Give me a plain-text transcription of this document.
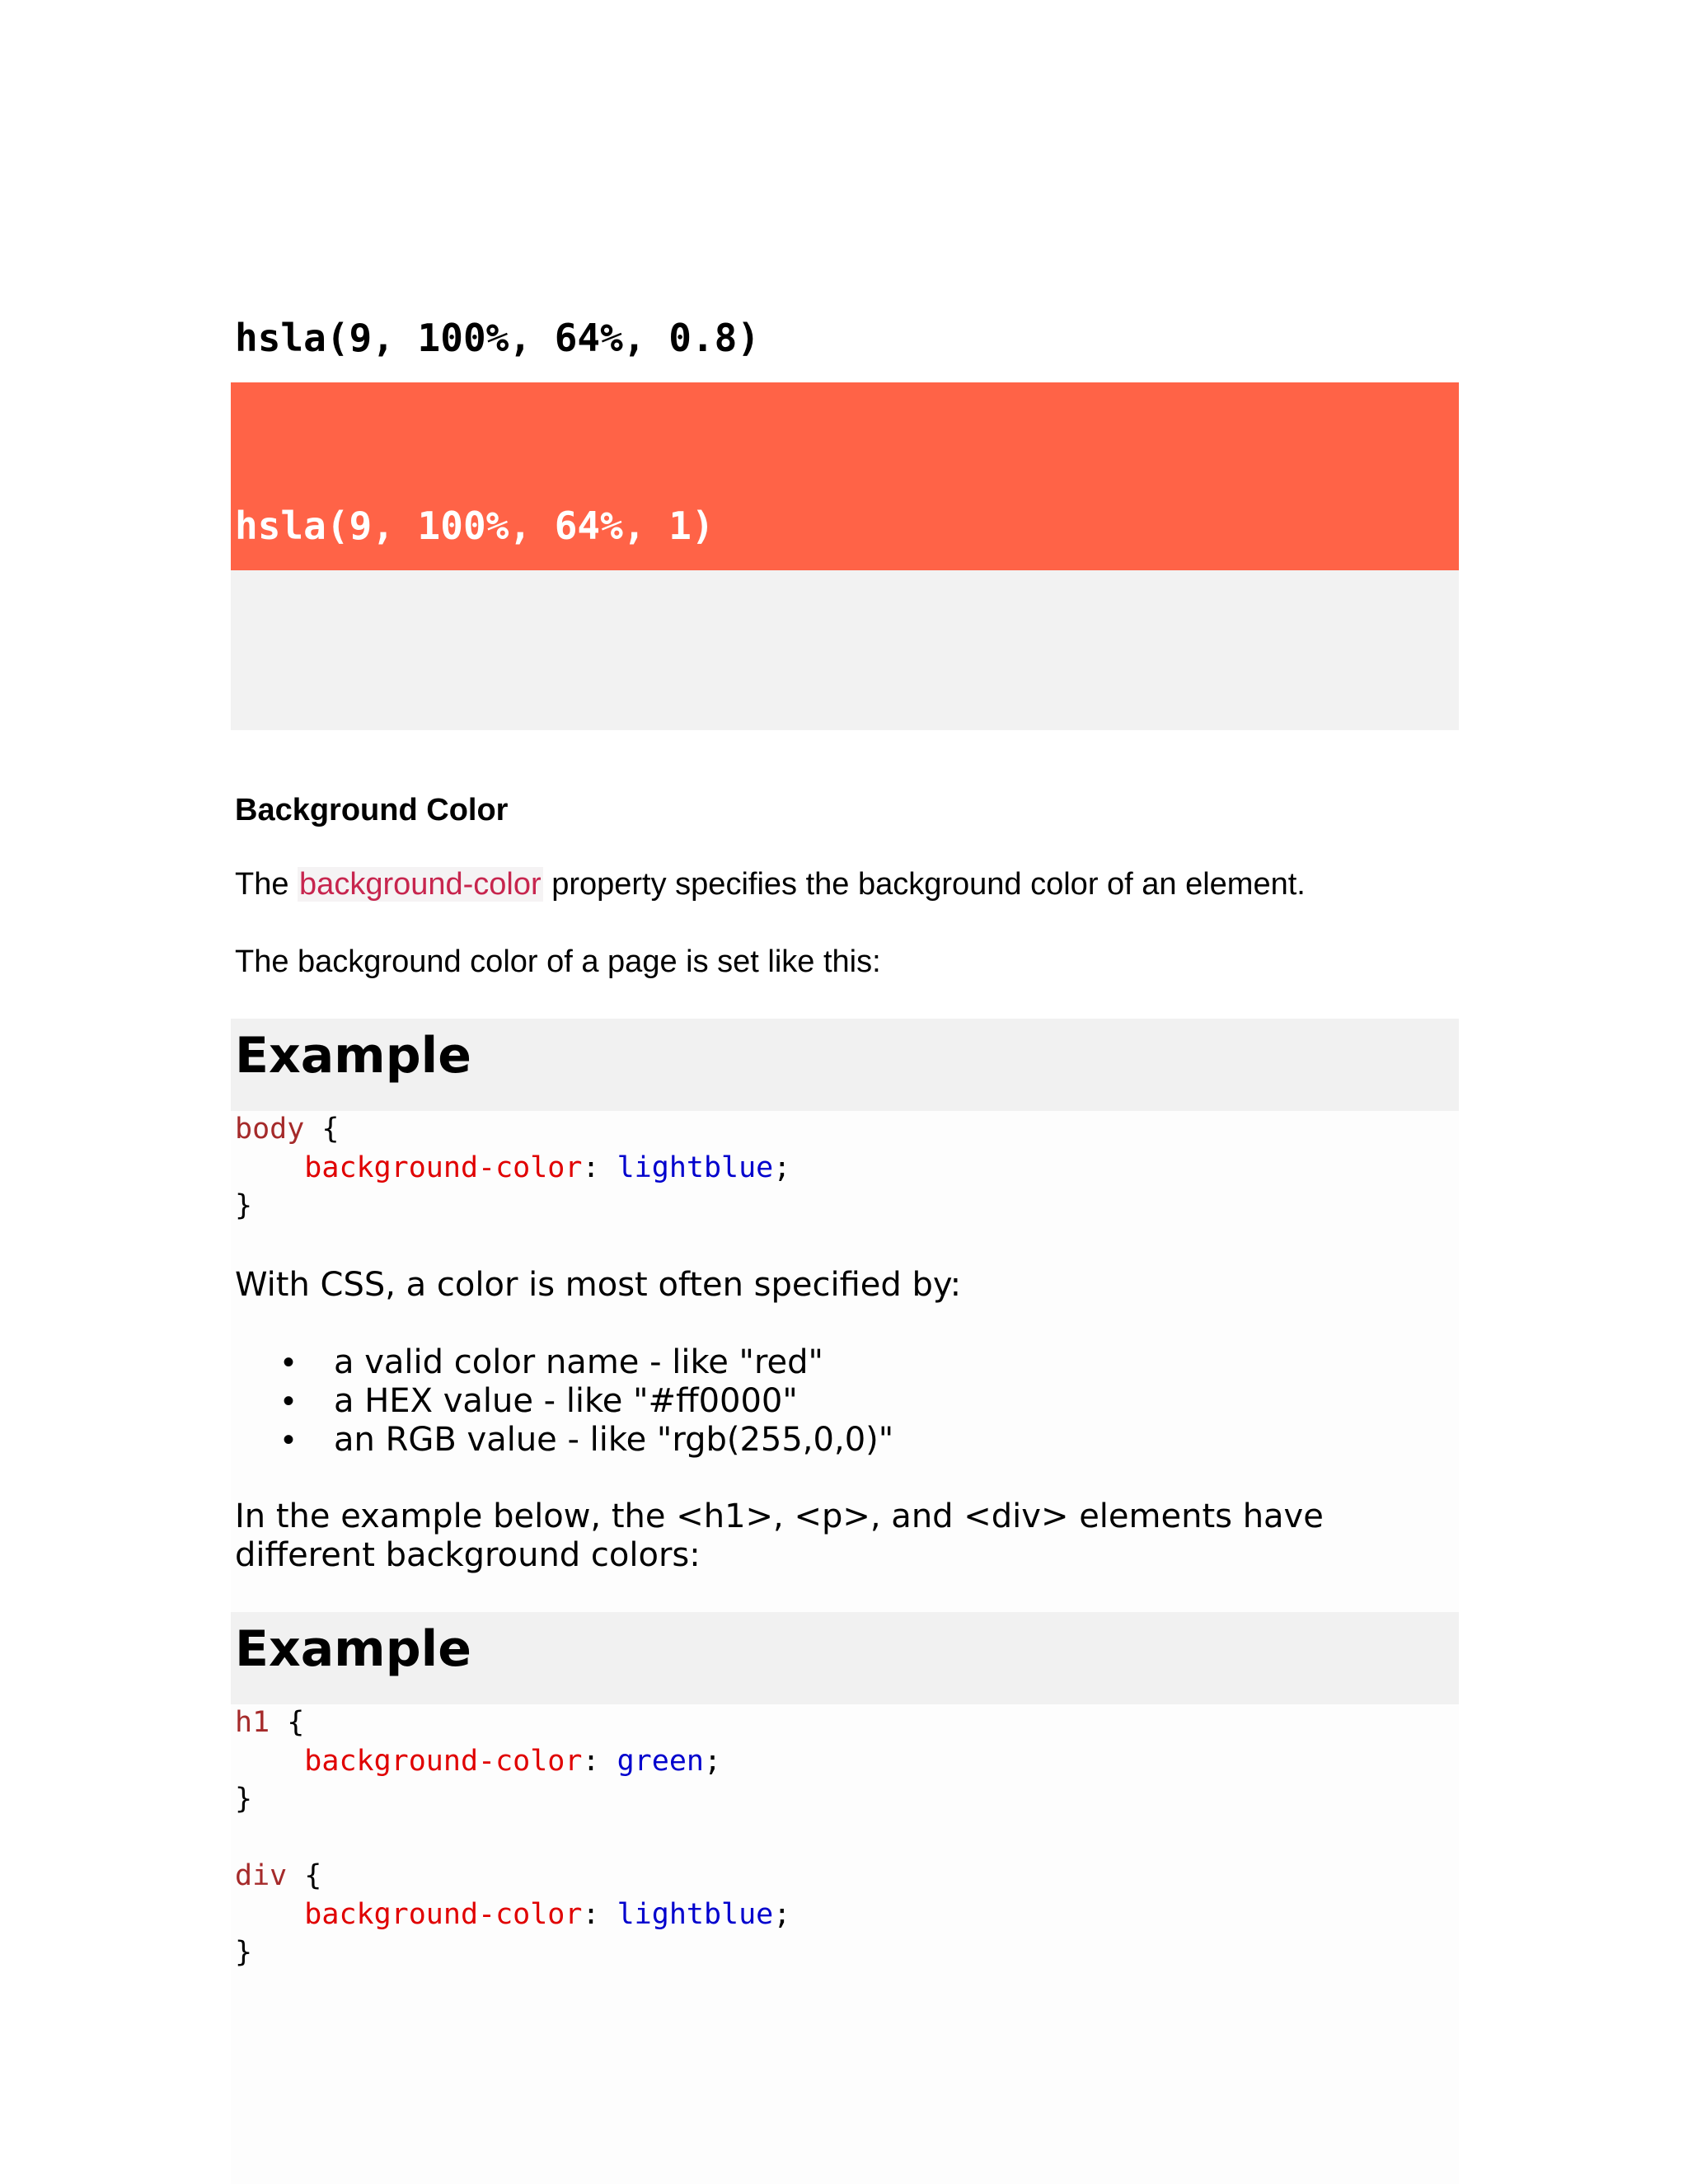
hsla(9, 100%, 64%, 0.8)
hsla(9, 100%, 64%, 1)
Background Color
The background-color property specifies the background color of an element.
The background color of a page is set like this:
Example
body {
background-color: lightblue;
}
With CSS, a color is most often specified by:
• a valid color name - like "red"
• a HEX value - like "#ff0000"
• an RGB value - like "rgb(255,0,0)"
In the example below, the <h1>, <p>, and <div> elements have different background colors:
Example
h1 {
background-color: green;
}

div {
background-color: lightblue;
}
